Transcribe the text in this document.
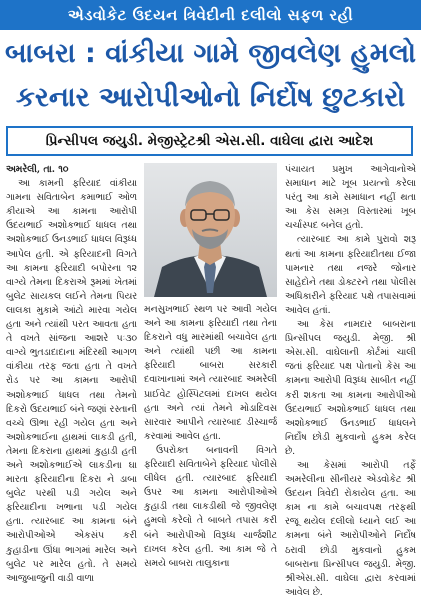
એડવોકેટ ઉદયન ત્રિવેદીની દલીલો સફળ રહી
બાબરા : વાંકીયા ગામે જીવલેણ હુમલો
કરનાર આરોપીઓનો નિર્દોષ છુટકારો
પ્રિન્સીપલ જયુડી. મેજીસ્ટ્રેટશ્રી એસ.સી. વાઘેલા દ્વારા આદેશ

અમરેલી, તા. ૧૦

આ કામની ફરિયાદ વાંકીયા ગામના સવિતાબેન કમાભાઈ ઓળ કીયાએ આ કામના આરોપી ઉદયભાઈ અશોકભાઈ ધાધલ તથા અશોકભાઈ ઉનડભાઈ ધાધલ વિરૂધ્ધ આપેલ હતી. એ ફરિયાદની વિગતે આ કામના ફરિયાદી બપોરના ૧૨ વાગ્યે તેમના દિકરાએ રૂમમાં ખેતમાં બુલેટ સાયકલ લઈને તેમના પિયર લાલકા મુકામે આંટો મારવા ગયેલ હતા અને ત્યાંથી પરત આવતા હતા તે વખતે સાંજના આશરે પઃ૩૦ વાગ્યે ભુતડાદાદાના મંદિરથી આગળ વાંકીયા તરફ જતા હતા તે વખતે રોડ પર આ કામના આરોપી અશોકભાઈ ધાધલ તથા તેમનો દિકરો ઉદયભાઈ બંને જણાં રસ્તાની વચ્ચે ઊભા રહી ગયેલ હતા અને અશોકભાઈના હાથમાં લાકડી હતી, તેમના દિકરાના હાથમાં કુહાડી હતી અને અશોકભાઈએ લાકડીના ઘા મારતા ફરિયાદીના દિકરા ને ડાબા બુલેટ પરથી પડી ગયેલ અને ફરિયાદીના ખભાના પડી ગયેલ હતા. ત્યારબાદ આ કામના બંને આરોપીઓએ એકસંપ કરી કુહાડીના ઊંધા ભાગમાં મારેલ અને બુલેટ પર મારેલ હતો. તે સમયે આજુબાજુની વાડી વાળા

મનસુખભાઈ સ્થળ પર આવી ગયેલ અને આ કામના ફરિયાદી તથા તેના દિકરાને વધુ મારમાંથી બચાવેલ હતા અને ત્યાંથી પછી આ કામના ફરિયાદી બાબરા સરકારી દવાખાનામાં અને ત્યારબાદ અમરેલી પ્રાઈવેટ હોસ્પિટલમાં દાખલ થયેલ હતા અને ત્યાં તેમને મોડાદિવસ સારવાર આપીને ત્યારબાદ ડીસ્ચાર્જ કરવામાં આવેલ હતા.

ઉપરોક્ત બનાવની વિગતે ફરિયાદી સવિતાબેને ફરિયાદ પોલીસે લીધેલ હતી. ત્યારબાદ ફરિયાદી ઉપર આ કામના આરોપીઓએ કુહાડી તથા લાકડીથી જે જીવલેણ હુમલો કરેલો તે બાબતે તપાસ કરી બંને આરોપીઓ વિરૂધ્ધ ચાર્જશીટ દાખલ કરેલ હતી. આ કામ જે તે સમયે બાબરા તાલુકાના

પંચાયત પ્રમુખ આગેવાનોએ સમાધાન માટે ખૂબ પ્રયત્નો કરેલા પરંતુ આ કામે સમાધાન નહીં થતા આ કેસ સમગ્ર વિસ્તારમાં ખૂબ ચર્ચાસ્પદ બનેલ હતો.

ત્યારબાદ આ કામે પુરાવો શરૂ થતાં આ કામના ફરિયાદીતથા ઈજા પામનાર તથા નજરે જોનાર સાહેદોને તથા ડોક્ટરને તથા પોલીસ અધિકારીને ફરિયાદ પક્ષે તપાસવામાં આવેલ હતાં.

આ કેસ નામદાર બાબરાના પ્રિન્સીપલ જયુડી. મેજી. શ્રી એસ.સી. વાઘેલાની કોર્ટમાં ચાલી જતાં ફરિયાદ પક્ષ પોતાનો કેસ આ કામના આરોપી વિરૂધ્ધ સાબીત નહીં કરી શકતા આ કામના આરોપીઓ ઉદયભાઈ અશોકભાઈ ધાધલ તથા અશોકભાઈ ઉનડભાઈ ધાધલને નિર્દોષ છોડી મુકવાનો હુકમ કરેલ છે.

આ કેસમાં આરોપી તર્ફે અમરેલીના સીનીયર એડવોકેટ શ્રી ઉદયન ત્રિવેદી રોકાયેલ હતા. આ કામ ના કામે બચાવપક્ષ તરફથી રજૂ થયેલ દલીલો ધ્યાને લઈ આ કામના બંને આરોપીઓને નિર્દોષ ઠરાવી છોડી મુકવાનો હુકમ બાબરાના પ્રિન્સીપલ જયુડી. મેજી. શ્રીએસ.સી. વાઘેલા દ્વારા કરવામાં આવેલ છે.
